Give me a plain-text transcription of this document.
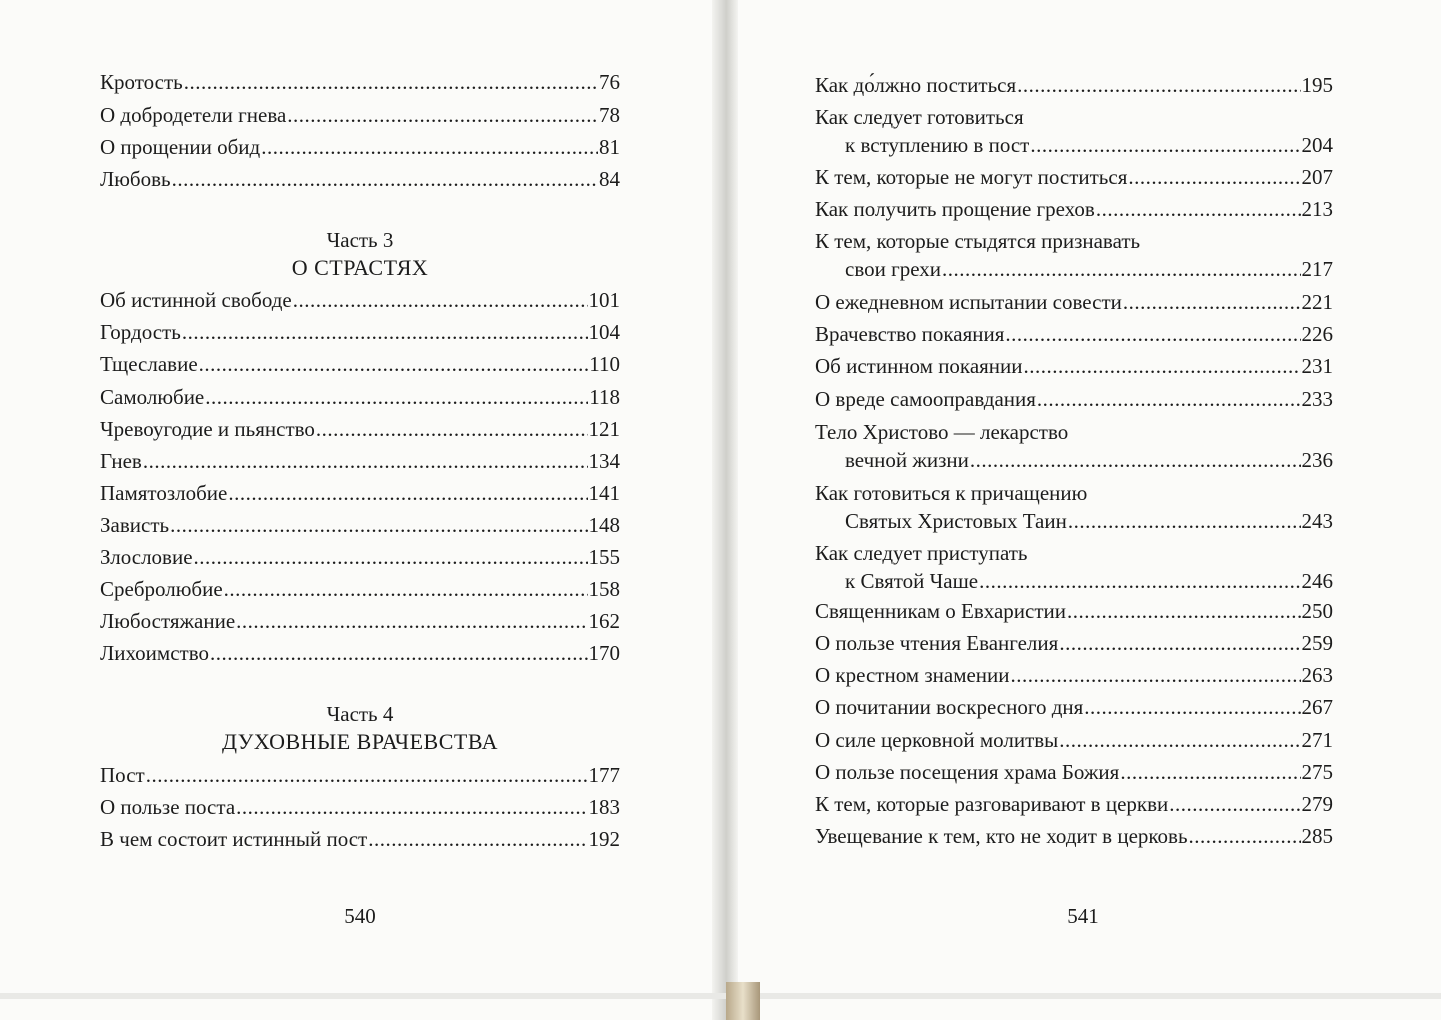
Кротость .....	76
О добродетели гнева .....	78
О прощении обид .....	81
Любовь .....	84
Часть 3
О СТРАСТЯХ
Об истинной свободе .....	101
Гордость .....	104
Тщеславие .....	110
Самолюбие .....	118
Чревоугодие и пьянство .....	121
Гнев .....	134
Памятозлобие .....	141
Зависть .....	148
Злословие .....	155
Сребролюбие .....	158
Любостяжание .....	162
Лихоимство .....	170
Часть 4
ДУХОВНЫЕ ВРАЧЕВСТВА
Пост .....	177
О пользе поста .....	183
В чем состоит истинный пост .....	192
540
Как до́лжно поститься .....	195
Как следует готовиться
к вступлению в пост .....	204
К тем, которые не могут поститься .....	207
Как получить прощение грехов .....	213
К тем, которые стыдятся признавать
свои грехи .....	217
О ежедневном испытании совести .....	221
Врачевство покаяния .....	226
Об истинном покаянии .....	231
О вреде самооправдания .....	233
Тело Христово — лекарство
вечной жизни .....	236
Как готовиться к причащению
Святых Христовых Таин .....	243
Как следует приступать
к Святой Чаше .....	246
Священникам о Евхаристии .....	250
О пользе чтения Евангелия .....	259
О крестном знамении .....	263
О почитании воскресного дня .....	267
О силе церковной молитвы .....	271
О пользе посещения храма Божия .....	275
К тем, которые разговаривают в церкви .....	279
Увещевание к тем, кто не ходит в церковь .....	285
541
